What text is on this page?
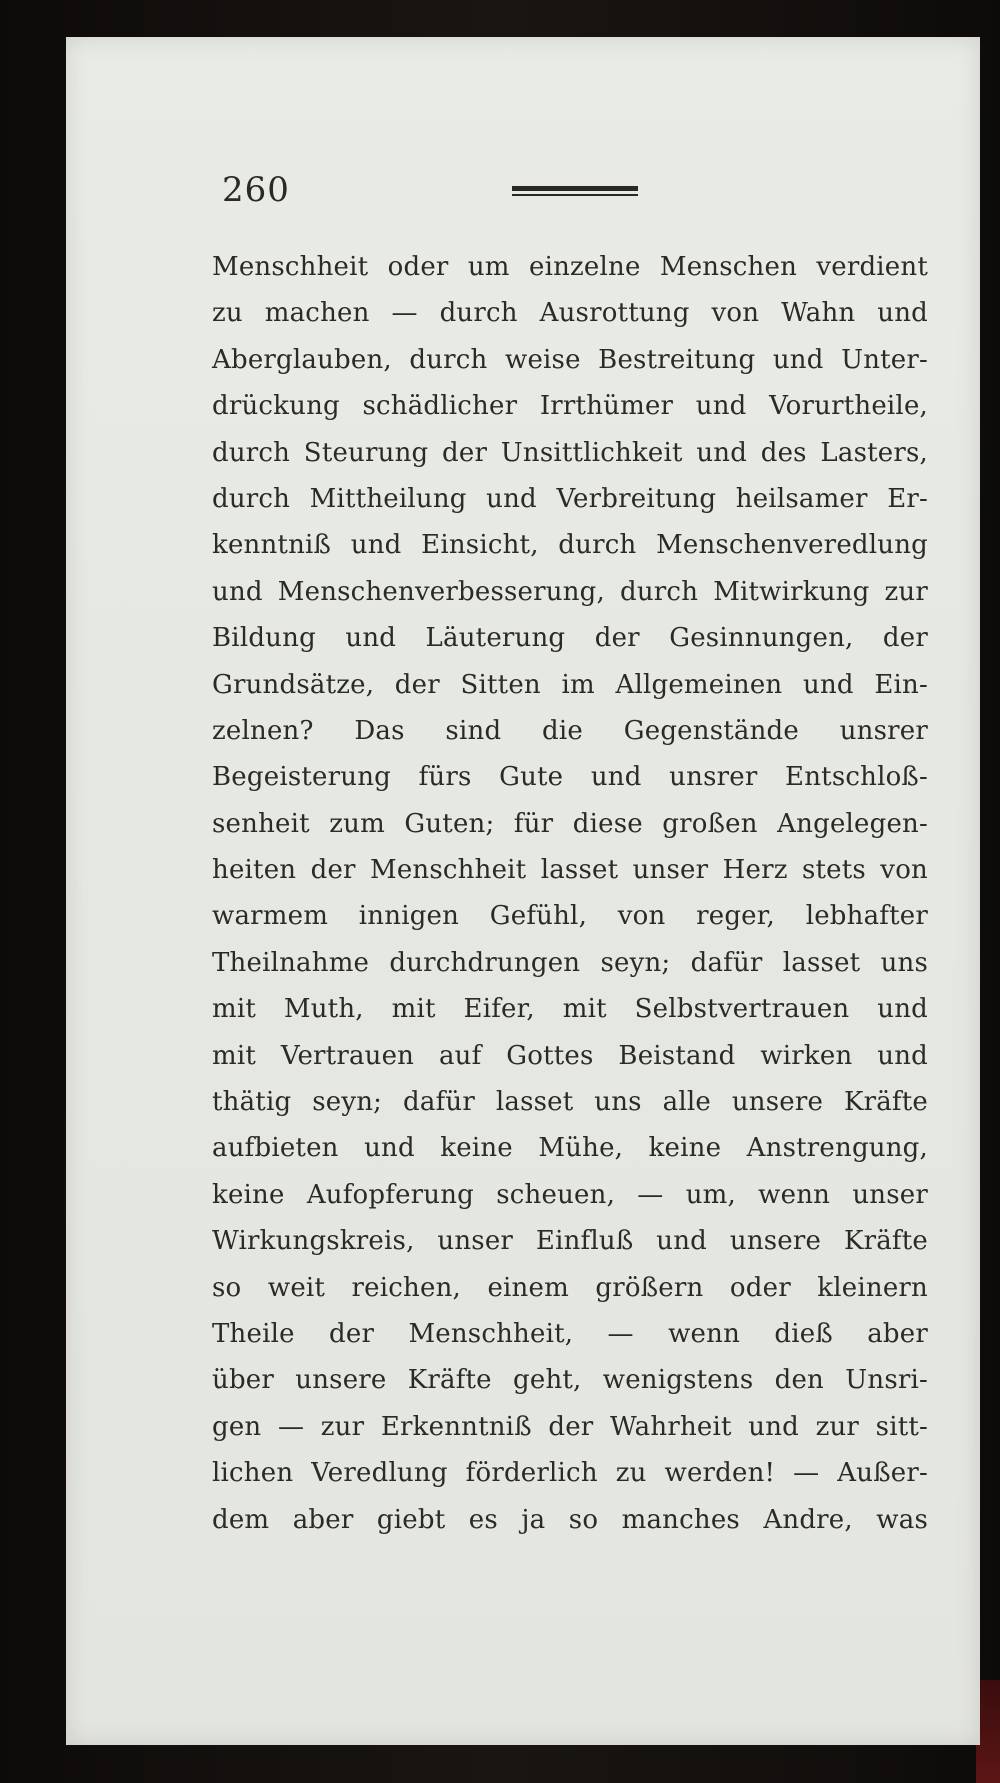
260
Menschheit oder um einzelne Menschen verdient
zu machen — durch Ausrottung von Wahn und
Aberglauben, durch weise Bestreitung und Unter-
drückung schädlicher Irrthümer und Vorurtheile,
durch Steurung der Unsittlichkeit und des Lasters,
durch Mittheilung und Verbreitung heilsamer Er-
kenntniß und Einsicht, durch Menschenveredlung
und Menschenverbesserung, durch Mitwirkung zur
Bildung und Läuterung der Gesinnungen, der
Grundsätze, der Sitten im Allgemeinen und Ein-
zelnen? Das sind die Gegenstände unsrer
Begeisterung fürs Gute und unsrer Entschloß-
senheit zum Guten; für diese großen Angelegen-
heiten der Menschheit lasset unser Herz stets von
warmem innigen Gefühl, von reger, lebhafter
Theilnahme durchdrungen seyn; dafür lasset uns
mit Muth, mit Eifer, mit Selbstvertrauen und
mit Vertrauen auf Gottes Beistand wirken und
thätig seyn; dafür lasset uns alle unsere Kräfte
aufbieten und keine Mühe, keine Anstrengung,
keine Aufopferung scheuen, — um, wenn unser
Wirkungskreis, unser Einfluß und unsere Kräfte
so weit reichen, einem größern oder kleinern
Theile der Menschheit, — wenn dieß aber
über unsere Kräfte geht, wenigstens den Unsri-
gen — zur Erkenntniß der Wahrheit und zur sitt-
lichen Veredlung förderlich zu werden! — Außer-
dem aber giebt es ja so manches Andre, was
